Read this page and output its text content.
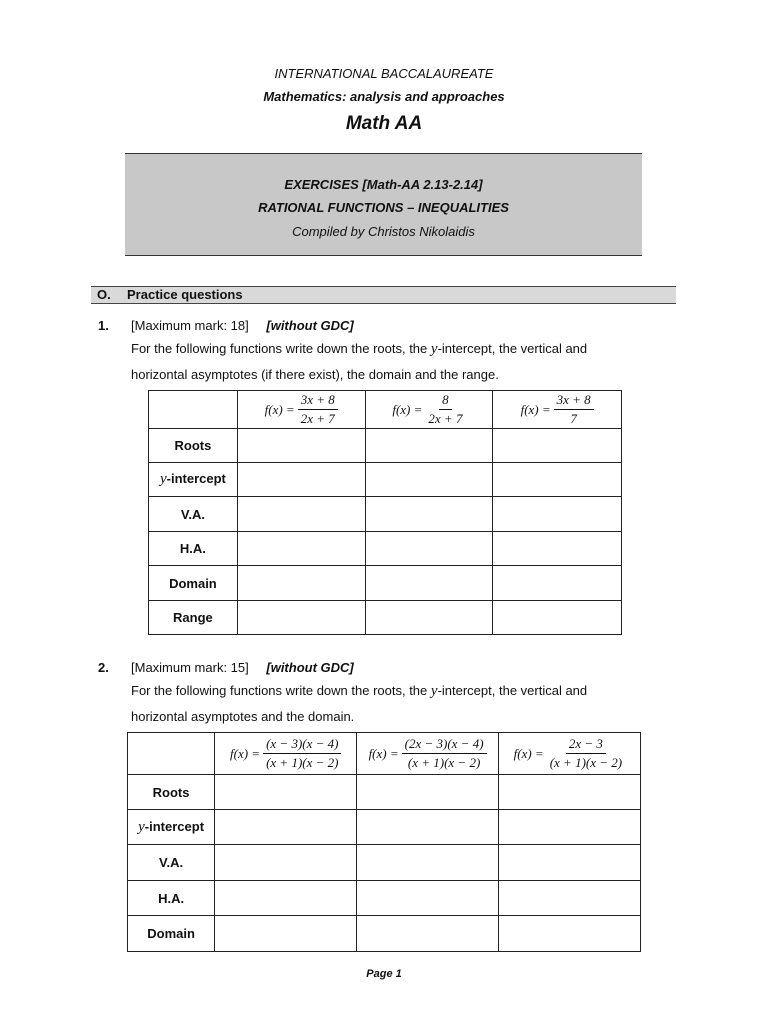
INTERNATIONAL BACCALAUREATE
Mathematics: analysis and approaches
Math AA
EXERCISES [Math-AA 2.13-2.14]
RATIONAL FUNCTIONS – INEQUALITIES
Compiled by Christos Nikolaidis
O. Practice questions
1. [Maximum mark: 18] [without GDC]
For the following functions write down the roots, the y-intercept, the vertical and
horizontal asymptotes (if there exist), the domain and the range.

	$f(x) = \frac{3x + 8}{2x + 7}$	$f(x) = \frac{8}{2x + 7}$	$f(x) = \frac{3x + 8}{7}$

Roots			
y-intercept			
V.A.			
H.A.			
Domain			
Range			
2. [Maximum mark: 15] [without GDC]
For the following functions write down the roots, the y-intercept, the vertical and
horizontal asymptotes and the domain.

	$f(x) = \frac{(x - 3)(x - 4)}{(x + 1)(x - 2)}$	$f(x) = \frac{(2x - 3)(x - 4)}{(x + 1)(x - 2)}$	$f(x) = \frac{2x - 3}{(x + 1)(x - 2)}$

Roots			
y-intercept			
V.A.			
H.A.			
Domain			
Page 1
